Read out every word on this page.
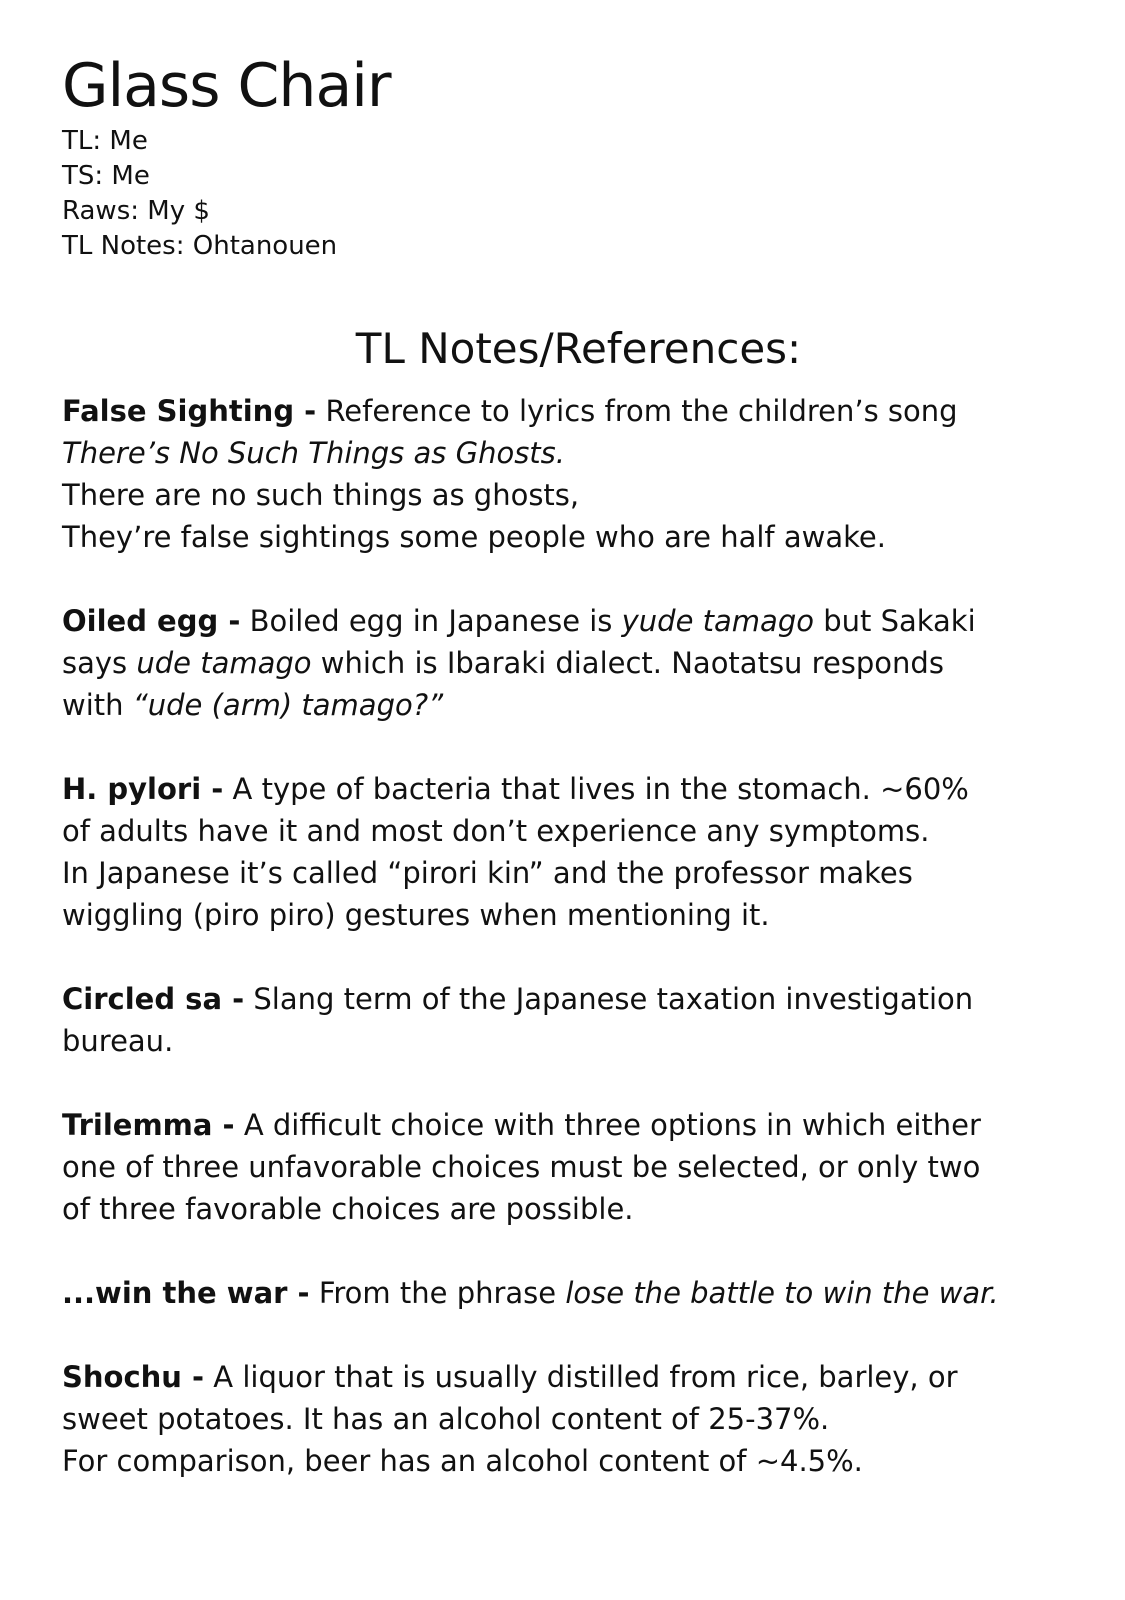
Glass Chair
TL: Me
TS: Me
Raws: My $
TL Notes: Ohtanouen
TL Notes/References:
False Sighting - Reference to lyrics from the children’s song
There’s No Such Things as Ghosts.
There are no such things as ghosts,
They’re false sightings some people who are half awake.
Oiled egg - Boiled egg in Japanese is yude tamago but Sakaki
says ude tamago which is Ibaraki dialect. Naotatsu responds
with “ude (arm) tamago?”
H. pylori - A type of bacteria that lives in the stomach. ~60%
of adults have it and most don’t experience any symptoms.
In Japanese it’s called “pirori kin” and the professor makes
wiggling (piro piro) gestures when mentioning it.
Circled sa - Slang term of the Japanese taxation investigation
bureau.
Trilemma - A difficult choice with three options in which either
one of three unfavorable choices must be selected, or only two
of three favorable choices are possible.
...win the war - From the phrase lose the battle to win the war.
Shochu - A liquor that is usually distilled from rice, barley, or
sweet potatoes. It has an alcohol content of 25-37%.
For comparison, beer has an alcohol content of ~4.5%.
